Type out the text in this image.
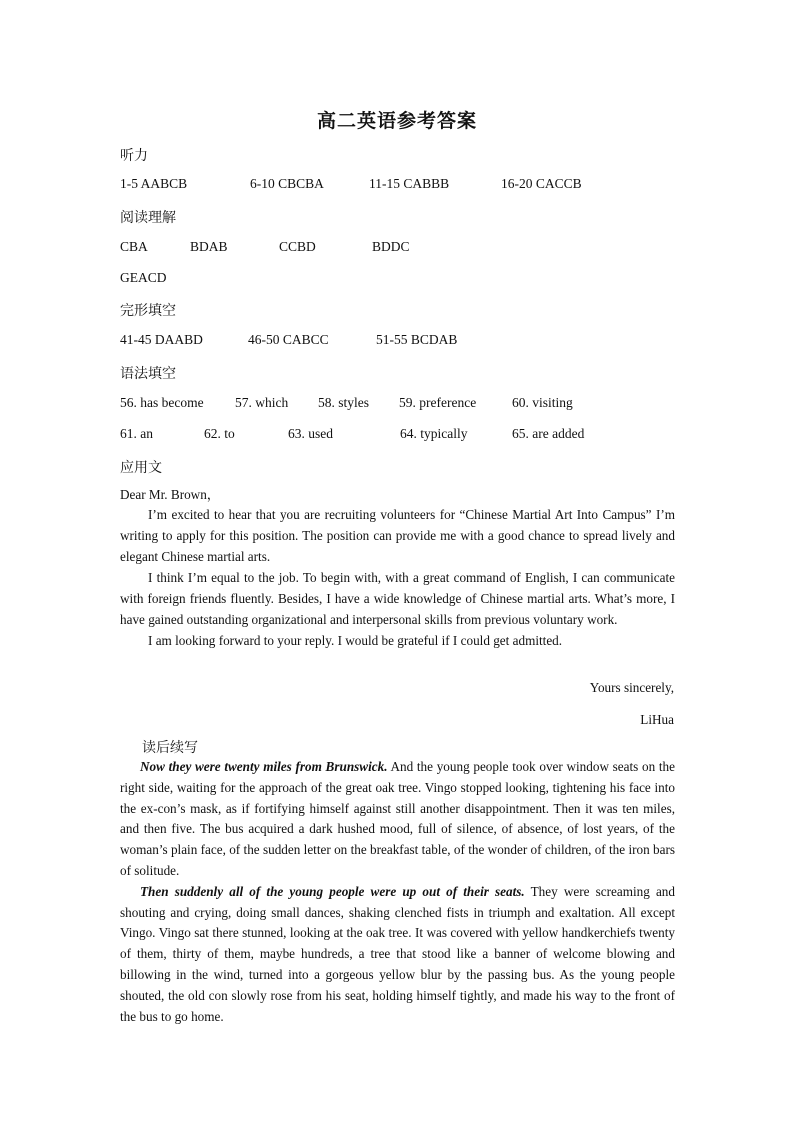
高二英语参考答案
听力
1-5 AABCB	6-10 CBCBA	11-15 CABBB	16-20 CACCB
阅读理解
CBA	BDAB	CCBD	BDDC
GEACD
完形填空
41-45 DAABD	46-50 CABCC	51-55 BCDAB
语法填空
56. has become 57. which 58. styles 59. preference	60. visiting
61. an	62. to	63. used	64. typically	65. are added
应用文
Dear Mr. Brown，

I’m excited to hear that you are recruiting volunteers for “Chinese Martial Art Into Campus” I’m writing to apply for this position. The position can provide me with a good chance to spread lively and elegant Chinese martial arts.

I think I’m equal to the job. To begin with, with a great command of English, I can communicate with foreign friends fluently. Besides, I have a wide knowledge of Chinese martial arts. What’s more, I have gained outstanding organizational and interpersonal skills from previous voluntary work.

I am looking forward to your reply. I would be grateful if I could get admitted.

Yours sincerely,
LiHua
读后续写

Now they were twenty miles from Brunswick. And the young people took over window seats on the right side, waiting for the approach of the great oak tree. Vingo stopped looking, tightening his face into the ex-con’s mask, as if fortifying himself against still another disappointment. Then it was ten miles, and then five. The bus acquired a dark hushed mood, full of silence, of absence, of lost years, of the woman’s plain face, of the sudden letter on the breakfast table, of the wonder of children, of the iron bars of solitude.

Then suddenly all of the young people were up out of their seats. They were screaming and shouting and crying, doing small dances, shaking clenched fists in triumph and exaltation. All except Vingo. Vingo sat there stunned, looking at the oak tree. It was covered with yellow handkerchiefs twenty of them, thirty of them, maybe hundreds, a tree that stood like a banner of welcome blowing and billowing in the wind, turned into a gorgeous yellow blur by the passing bus. As the young people shouted, the old con slowly rose from his seat, holding himself tightly, and made his way to the front of the bus to go home.
